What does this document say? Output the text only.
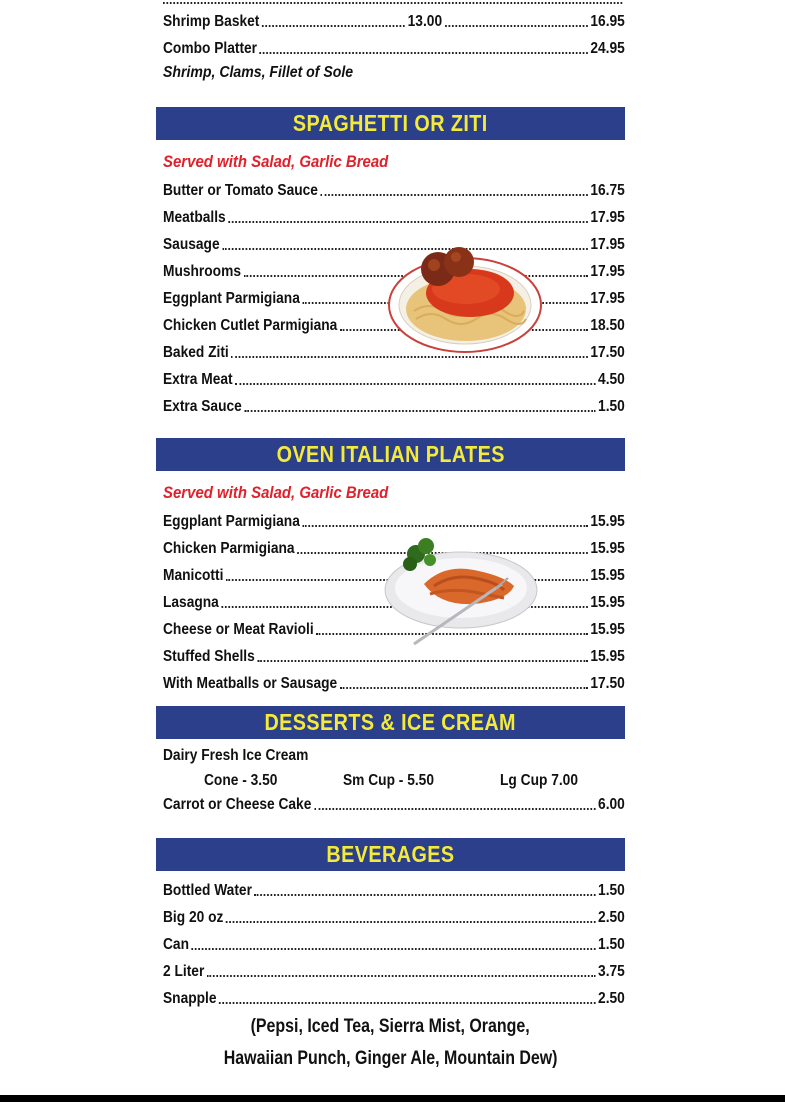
Shrimp Basket	13.00	16.95
Combo Platter	24.95
Shrimp, Clams, Fillet of Sole
SPAGHETTI OR ZITI
Served with Salad, Garlic Bread
Butter or Tomato Sauce	16.75
Meatballs	17.95
Sausage	17.95
Mushrooms	17.95
Eggplant Parmigiana	17.95
Chicken Cutlet Parmigiana	18.50
Baked Ziti	17.50
Extra Meat	4.50
Extra Sauce	1.50
OVEN ITALIAN PLATES
Served with Salad, Garlic Bread
Eggplant Parmigiana	15.95
Chicken Parmigiana	15.95
Manicotti	15.95
Lasagna	15.95
Cheese or Meat Ravioli	15.95
Stuffed Shells	15.95
With Meatballs or Sausage	17.50
DESSERTS & ICE CREAM
Dairy Fresh Ice Cream
Cone - 3.50	Sm Cup - 5.50	Lg Cup 7.00
Carrot or Cheese Cake	6.00
BEVERAGES
Bottled Water	1.50
Big 20 oz	2.50
Can	1.50
2 Liter	3.75
Snapple	2.50
(Pepsi, Iced Tea, Sierra Mist, Orange,
Hawaiian Punch, Ginger Ale, Mountain Dew)
